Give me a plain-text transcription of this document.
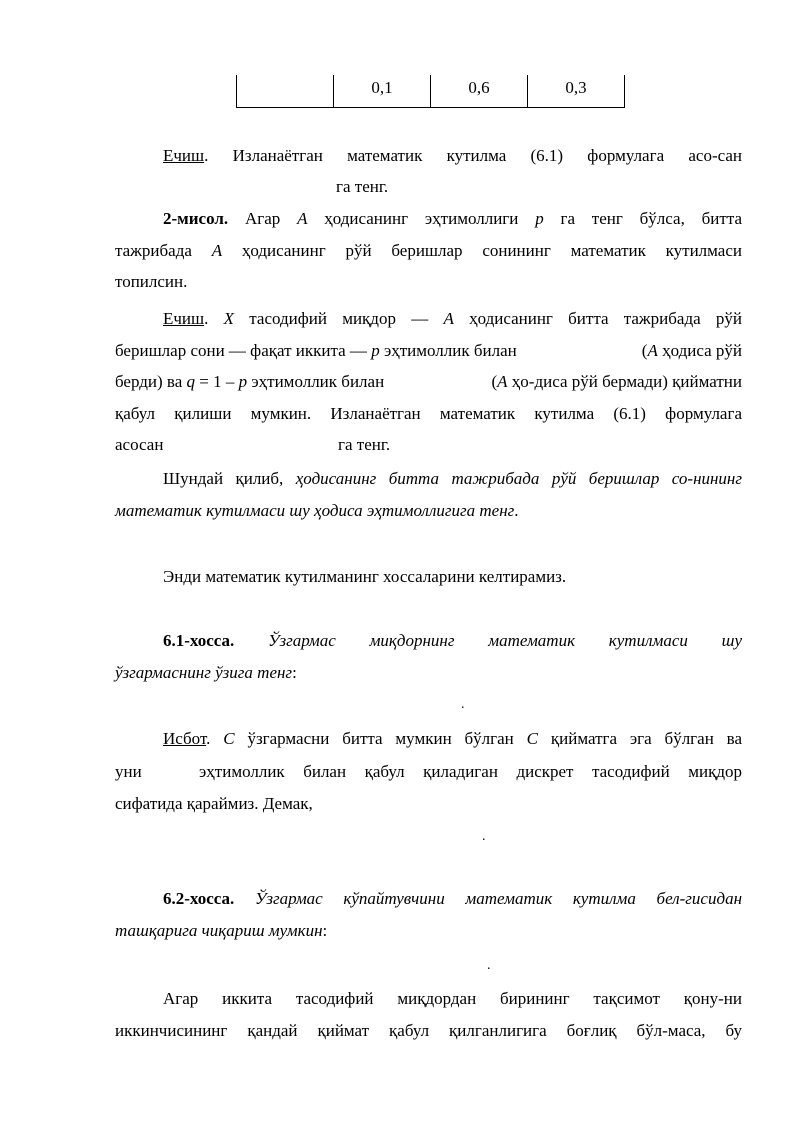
	0,1	0,6	0,3
Ечиш. Изланаётган математик кутилма (6.1) формулага асо-сан
га тенг.
2-мисол. Агар A ҳодисанинг эҳтимоллиги p га тенг бўлса, битта
тажрибада A ҳодисанинг рўй беришлар сонининг математик кутилмаси
топилсин.
Ечиш. X тасодифий миқдор — A ҳодисанинг битта тажрибада рўй
беришлар сони — фақат иккита — p эҳтимоллик билан	(A ҳодиса рўй
берди) ва q = 1 – p эҳтимоллик билан	(A ҳо-диса рўй бермади) қийматни
қабул қилиши мумкин. Изланаётган математик кутилма (6.1) формулага
асосан	га тенг.
Шундай қилиб, ҳодисанинг битта тажрибада рўй беришлар со-нининг
математик кутилмаси шу ҳодиса эҳтимоллигига тенг.
Энди математик кутилманинг хоссаларини келтирамиз.
6.1-хосса. Ўзгармас миқдорнинг математик кутилмаси шу
ўзгармаснинг ўзига тенг:
.
Исбот. C ўзгармасни битта мумкин бўлган C қийматга эга бўлган ва
уни	эҳтимоллик билан қабул қиладиган дискрет тасодифий миқдор
сифатида қараймиз. Демак,
.
6.2-хосса. Ўзгармас кўпайтувчини математик кутилма бел-гисидан
ташқарига чиқариш мумкин:
.
Агар иккита тасодифий миқдордан бирининг тақсимот қону-ни
иккинчисининг қандай қиймат қабул қилганлигига боғлиқ бўл-маса, бу
